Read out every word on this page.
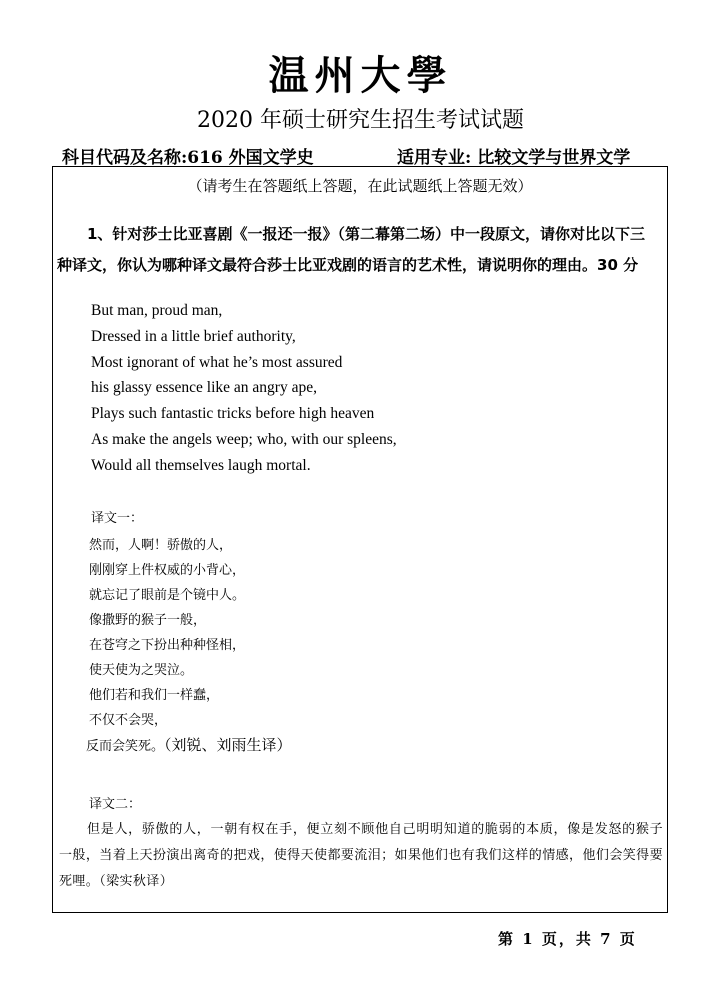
温州大學
2020 年硕士研究生招生考试试题
科目代码及名称:616 外国文学史	适用专业: 比较文学与世界文学
（请考生在答题纸上答题，在此试题纸上答题无效）
1、针对莎士比亚喜剧《一报还一报》（第二幕第二场）中一段原文，请你对比以下三
种译文，你认为哪种译文最符合莎士比亚戏剧的语言的艺术性，请说明你的理由。30 分
But man, proud man,
Dressed in a little brief authority,
Most ignorant of what he’s most assured
his glassy essence like an angry ape,
Plays such fantastic tricks before high heaven
As make the angels weep; who, with our spleens,
Would all themselves laugh mortal.
译文一：
然而，人啊！骄傲的人，
刚刚穿上件权威的小背心，
就忘记了眼前是个镜中人。
像撒野的猴子一般，
在苍穹之下扮出种种怪相，
使天使为之哭泣。
他们若和我们一样蠢，
不仅不会哭，
反而会笑死。（刘锐、刘雨生译）
译文二：
但是人，骄傲的人，一朝有权在手，便立刻不顾他自己明明知道的脆弱的本质，像是发怒的猴子一般，当着上天扮演出离奇的把戏，使得天使都要流泪；如果他们也有我们这样的情感，他们会笑得要死哩。（梁实秋译）
第 1 页，共 7 页
